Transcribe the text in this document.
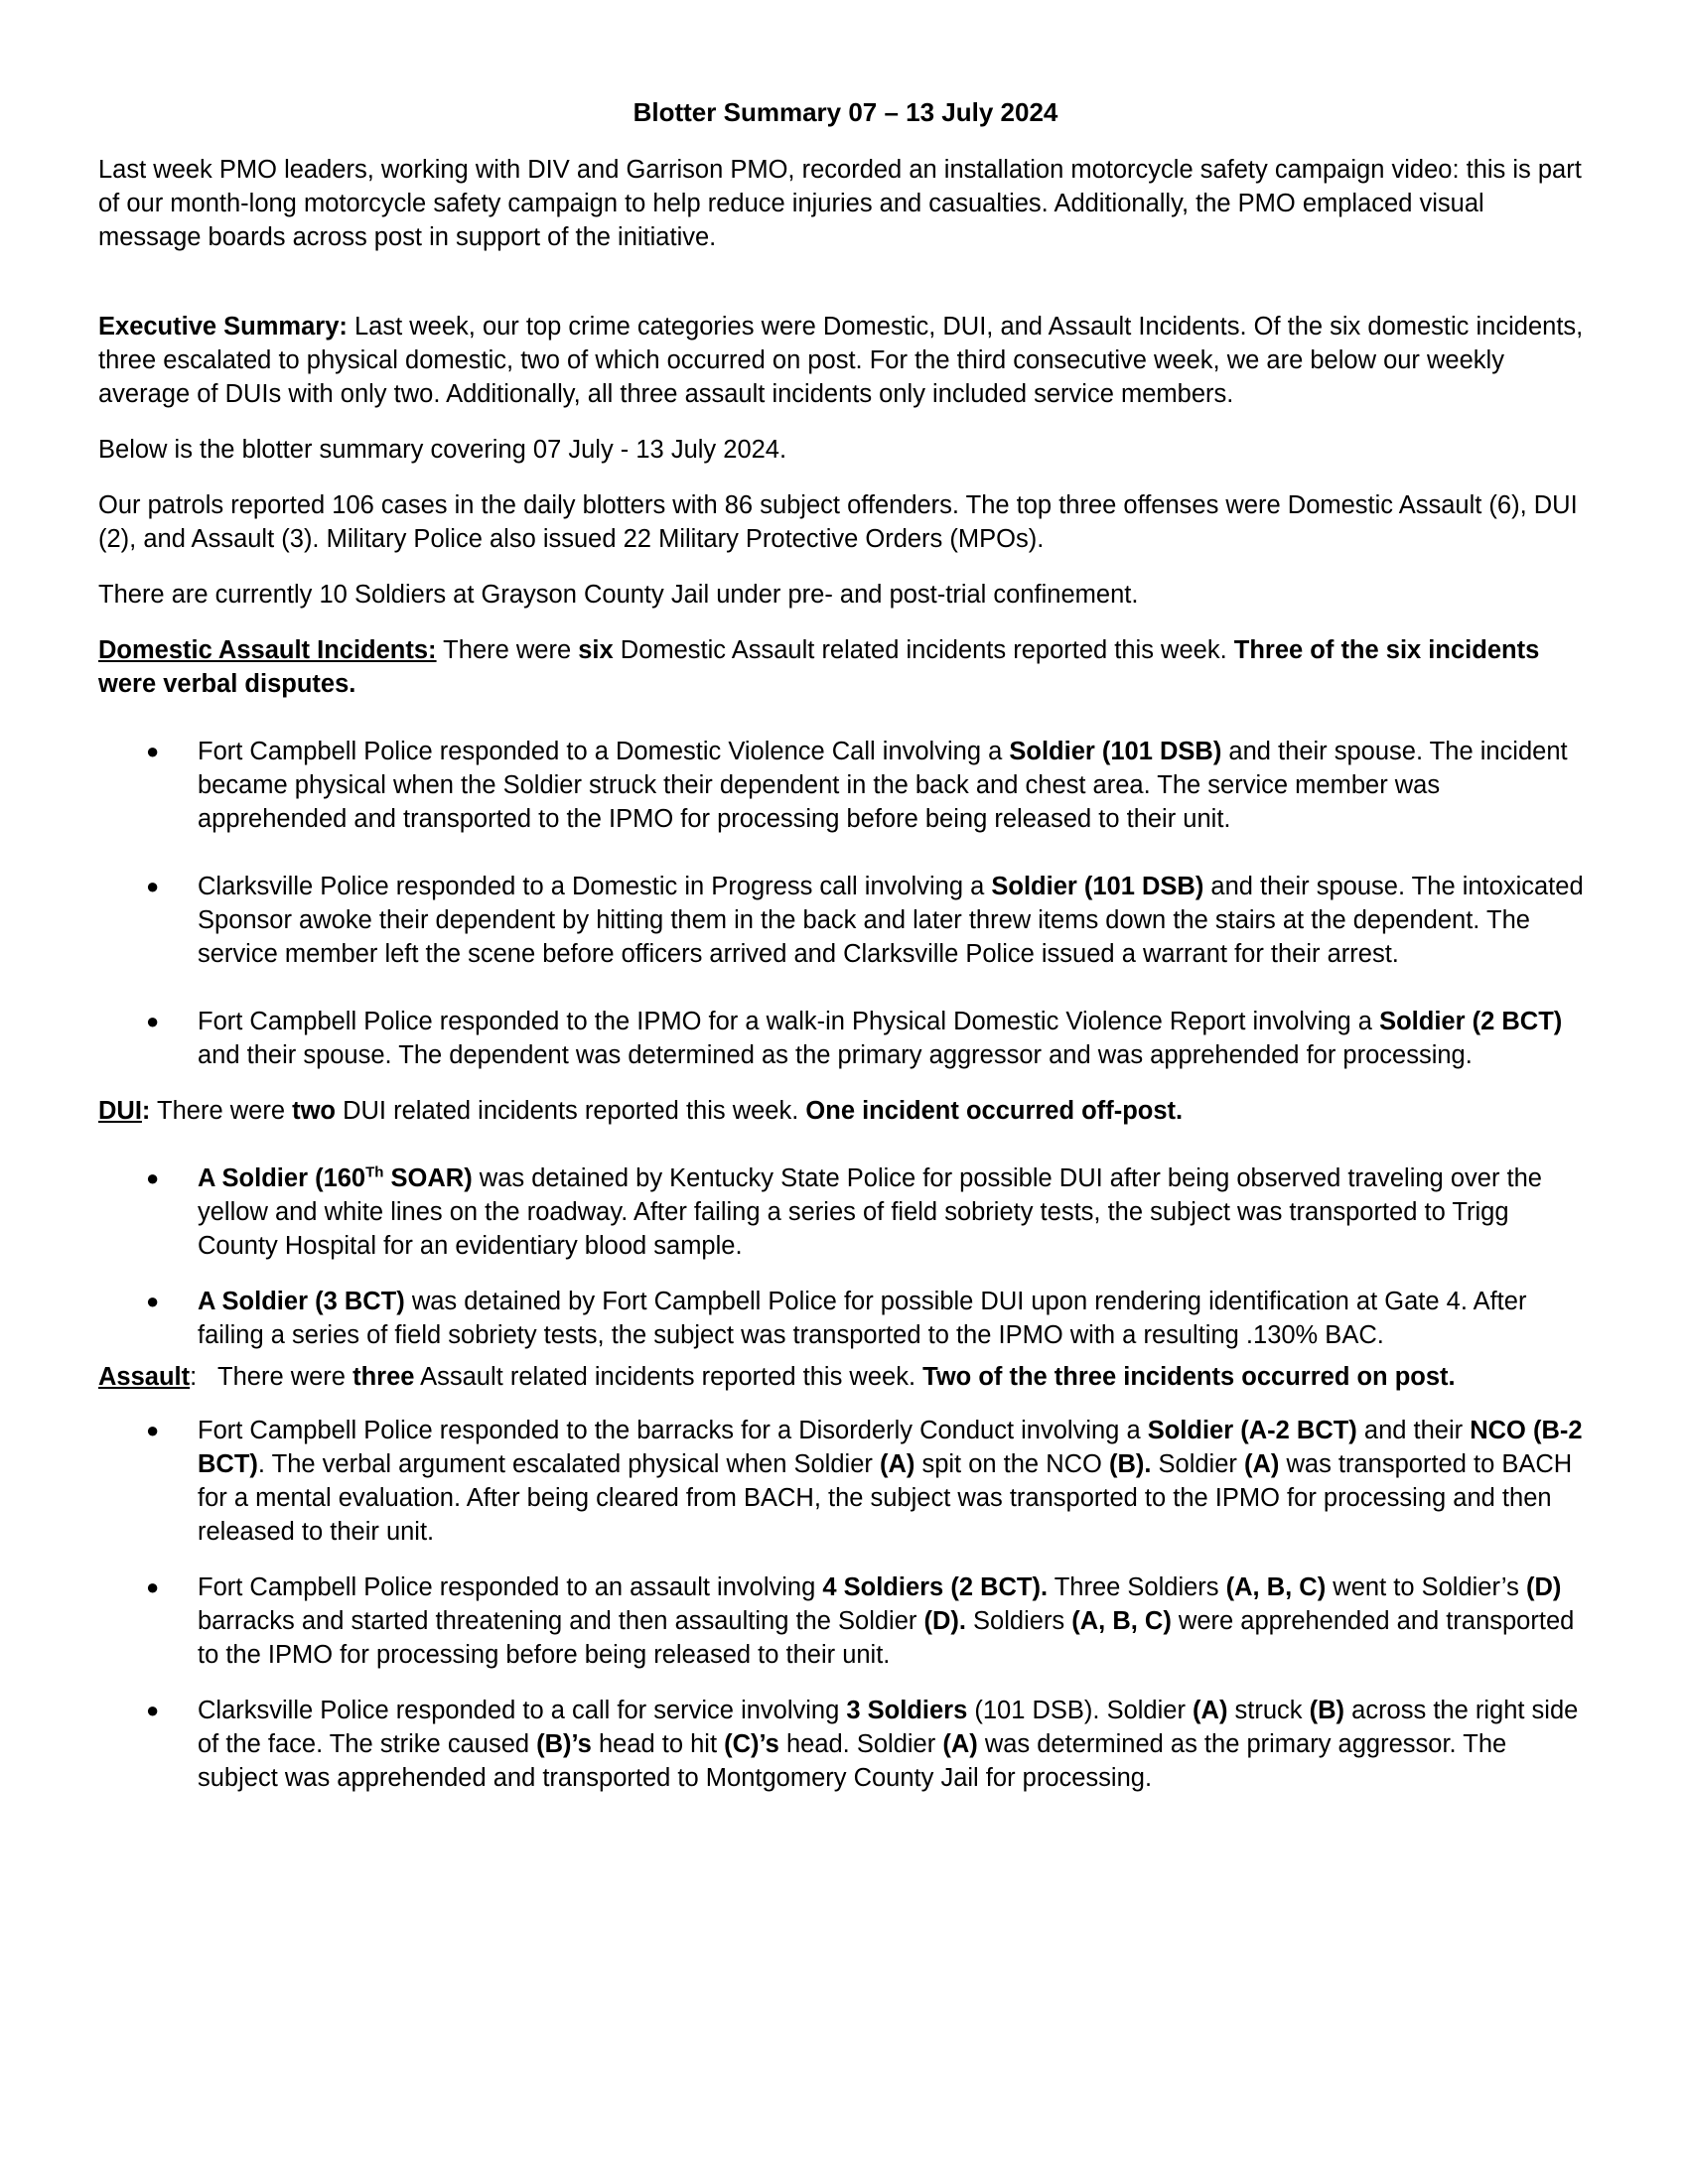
Blotter Summary 07 – 13 July 2024

Last week PMO leaders, working with DIV and Garrison PMO, recorded an installation motorcycle safety campaign video: this is part of our month-long motorcycle safety campaign to help reduce injuries and casualties. Additionally, the PMO emplaced visual message boards across post in support of the initiative.

Executive Summary: Last week, our top crime categories were Domestic, DUI, and Assault Incidents. Of the six domestic incidents, three escalated to physical domestic, two of which occurred on post. For the third consecutive week, we are below our weekly average of DUIs with only two. Additionally, all three assault incidents only included service members.

Below is the blotter summary covering 07 July - 13 July 2024.

Our patrols reported 106 cases in the daily blotters with 86 subject offenders. The top three offenses were Domestic Assault (6), DUI (2), and Assault (3). Military Police also issued 22 Military Protective Orders (MPOs).

There are currently 10 Soldiers at Grayson County Jail under pre- and post-trial confinement.

Domestic Assault Incidents: There were six Domestic Assault related incidents reported this week. Three of the six incidents were verbal disputes.

● Fort Campbell Police responded to a Domestic Violence Call involving a Soldier (101 DSB) and their spouse. The incident became physical when the Soldier struck their dependent in the back and chest area. The service member was apprehended and transported to the IPMO for processing before being released to their unit.
● Clarksville Police responded to a Domestic in Progress call involving a Soldier (101 DSB) and their spouse. The intoxicated Sponsor awoke their dependent by hitting them in the back and later threw items down the stairs at the dependent. The service member left the scene before officers arrived and Clarksville Police issued a warrant for their arrest.
● Fort Campbell Police responded to the IPMO for a walk-in Physical Domestic Violence Report involving a Soldier (2 BCT) and their spouse. The dependent was determined as the primary aggressor and was apprehended for processing.

DUI: There were two DUI related incidents reported this week. One incident occurred off-post.

● A Soldier (160Th SOAR) was detained by Kentucky State Police for possible DUI after being observed traveling over the yellow and white lines on the roadway. After failing a series of field sobriety tests, the subject was transported to Trigg County Hospital for an evidentiary blood sample.
● A Soldier (3 BCT) was detained by Fort Campbell Police for possible DUI upon rendering identification at Gate 4. After failing a series of field sobriety tests, the subject was transported to the IPMO with a resulting .130% BAC.

Assault:   There were three Assault related incidents reported this week. Two of the three incidents occurred on post.

● Fort Campbell Police responded to the barracks for a Disorderly Conduct involving a Soldier (A-2 BCT) and their NCO (B-2 BCT). The verbal argument escalated physical when Soldier (A) spit on the NCO (B). Soldier (A) was transported to BACH for a mental evaluation. After being cleared from BACH, the subject was transported to the IPMO for processing and then released to their unit.
● Fort Campbell Police responded to an assault involving 4 Soldiers (2 BCT). Three Soldiers (A, B, C) went to Soldier’s (D) barracks and started threatening and then assaulting the Soldier (D). Soldiers (A, B, C) were apprehended and transported to the IPMO for processing before being released to their unit.
● Clarksville Police responded to a call for service involving 3 Soldiers (101 DSB). Soldier (A) struck (B) across the right side of the face. The strike caused (B)’s head to hit (C)’s head. Soldier (A) was determined as the primary aggressor. The subject was apprehended and transported to Montgomery County Jail for processing.
